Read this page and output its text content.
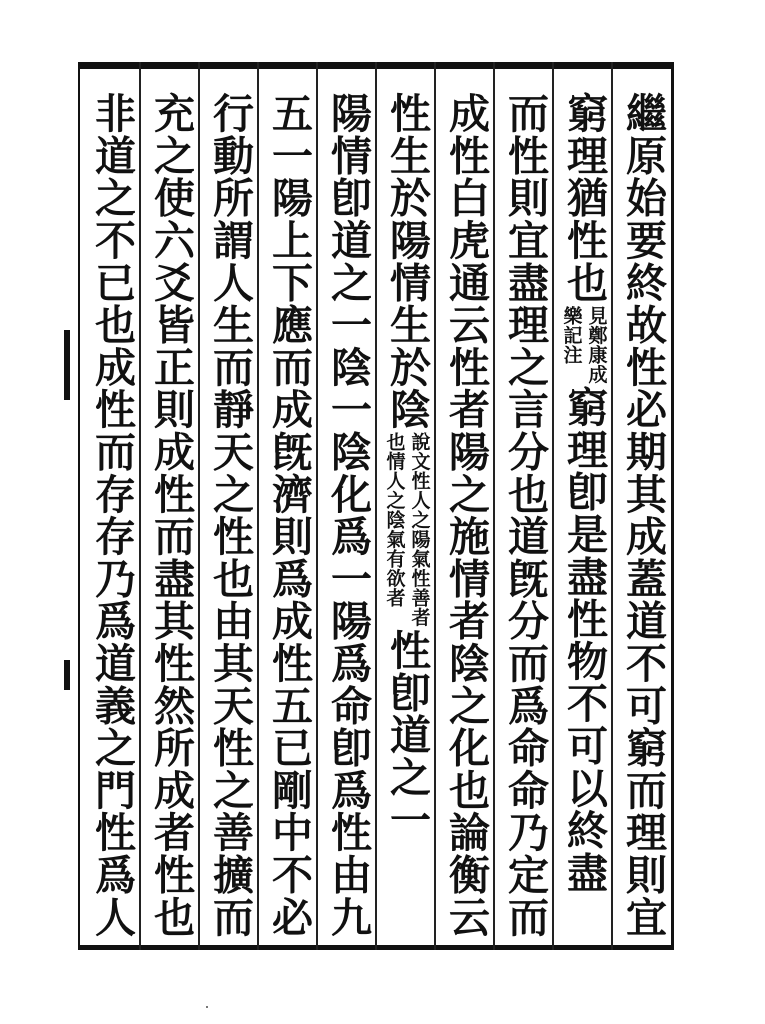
繼原始要終故性必期其成蓋道不可窮而理則宜
窮理猶性也
見鄭康成
樂記注
窮理卽是盡性物不可以終盡
而性則宜盡理之言分也道旣分而爲命命乃定而
成性白虎通云性者陽之施情者陰之化也論衡云
性生於陽情生於陰
說文性人之陽氣性善者
也情人之陰氣有欲者
性卽道之一
陽情卽道之一陰一陰化爲一陽爲命卽爲性由九
五一陽上下應而成旣濟則爲成性五已剛中不必
行動所謂人生而靜天之性也由其天性之善擴而
充之使六爻皆正則成性而盡其性然所成者性也
非道之不已也成性而存存乃爲道義之門性爲人
